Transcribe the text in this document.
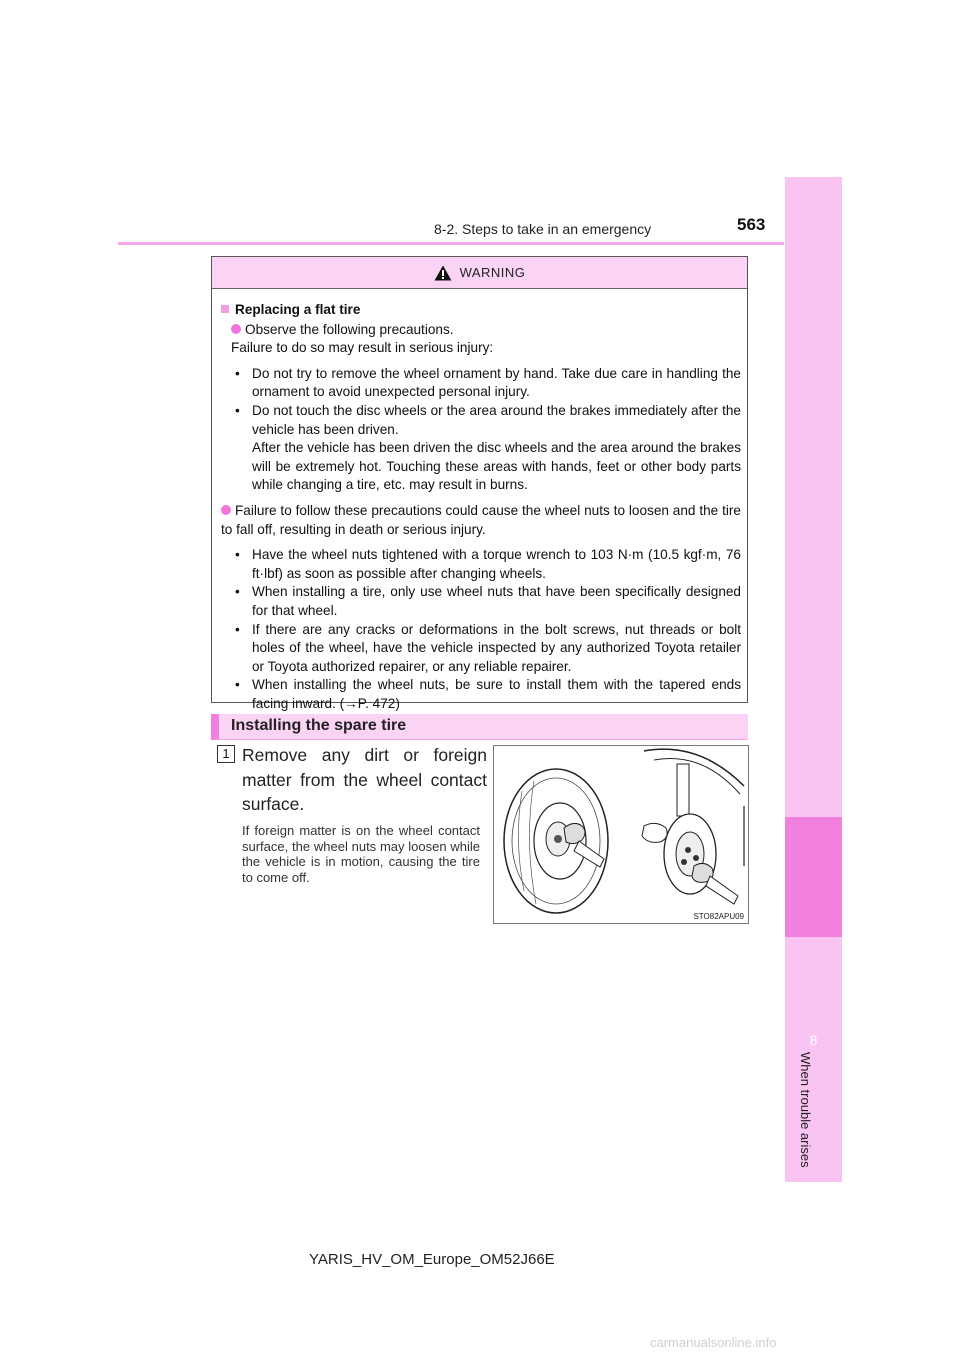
8
When trouble arises
8-2. Steps to take in an emergency	563
WARNING
Replacing a flat tire
Observe the following precautions.
Failure to do so may result in serious injury:
• Do not try to remove the wheel ornament by hand. Take due care in handling the ornament to avoid unexpected personal injury.
• Do not touch the disc wheels or the area around the brakes immediately after the vehicle has been driven.
After the vehicle has been driven the disc wheels and the area around the brakes will be extremely hot. Touching these areas with hands, feet or other body parts while changing a tire, etc. may result in burns.
Failure to follow these precautions could cause the wheel nuts to loosen and the tire to fall off, resulting in death or serious injury.
• Have the wheel nuts tightened with a torque wrench to 103 N·m (10.5 kgf·m, 76 ft·lbf) as soon as possible after changing wheels.
• When installing a tire, only use wheel nuts that have been specifically designed for that wheel.
• If there are any cracks or deformations in the bolt screws, nut threads or bolt holes of the wheel, have the vehicle inspected by any authorized Toyota retailer or Toyota authorized repairer, or any reliable repairer.
• When installing the wheel nuts, be sure to install them with the tapered ends facing inward. (→P. 472)
Installing the spare tire
1 Remove any dirt or foreign matter from the wheel contact surface.
If foreign matter is on the wheel contact surface, the wheel nuts may loosen while the vehicle is in motion, causing the tire to come off.
STO82APU09
YARIS_HV_OM_Europe_OM52J66E
carmanualsonline.info
